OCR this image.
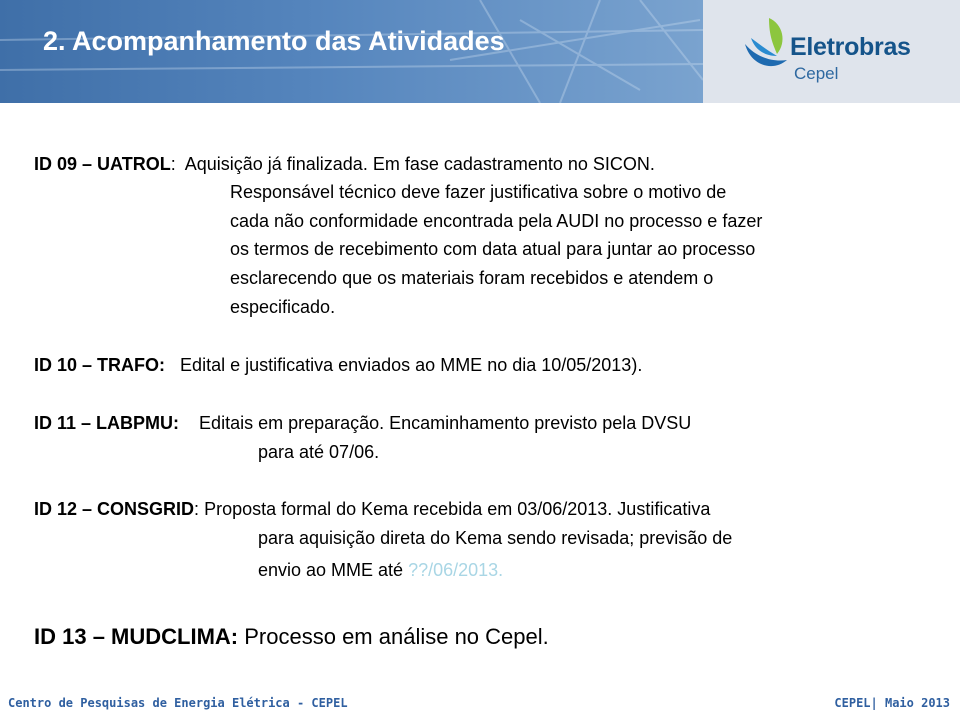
2. Acompanhamento das Atividades	Eletrobras
Cepel
ID 09 – UATROL:  Aquisição já finalizada. Em fase cadastramento no SICON.
Responsável técnico deve fazer justificativa sobre o motivo de
cada não conformidade encontrada pela AUDI no processo e fazer
os termos de recebimento com data atual para juntar ao processo
esclarecendo que os materiais foram recebidos e atendem o
especificado.
ID 10 – TRAFO: Edital e justificativa enviados ao MME no dia 10/05/2013).
ID 11 – LABPMU: Editais em preparação. Encaminhamento previsto pela DVSU
para até 07/06.
ID 12 – CONSGRID: Proposta formal do Kema recebida em 03/06/2013. Justificativa
para aquisição direta do Kema sendo revisada; previsão de
envio ao MME até ??/06/2013.
ID 13 – MUDCLIMA: Processo em análise no Cepel.
Centro de Pesquisas de Energia Elétrica - CEPEL	CEPEL| Maio 2013
